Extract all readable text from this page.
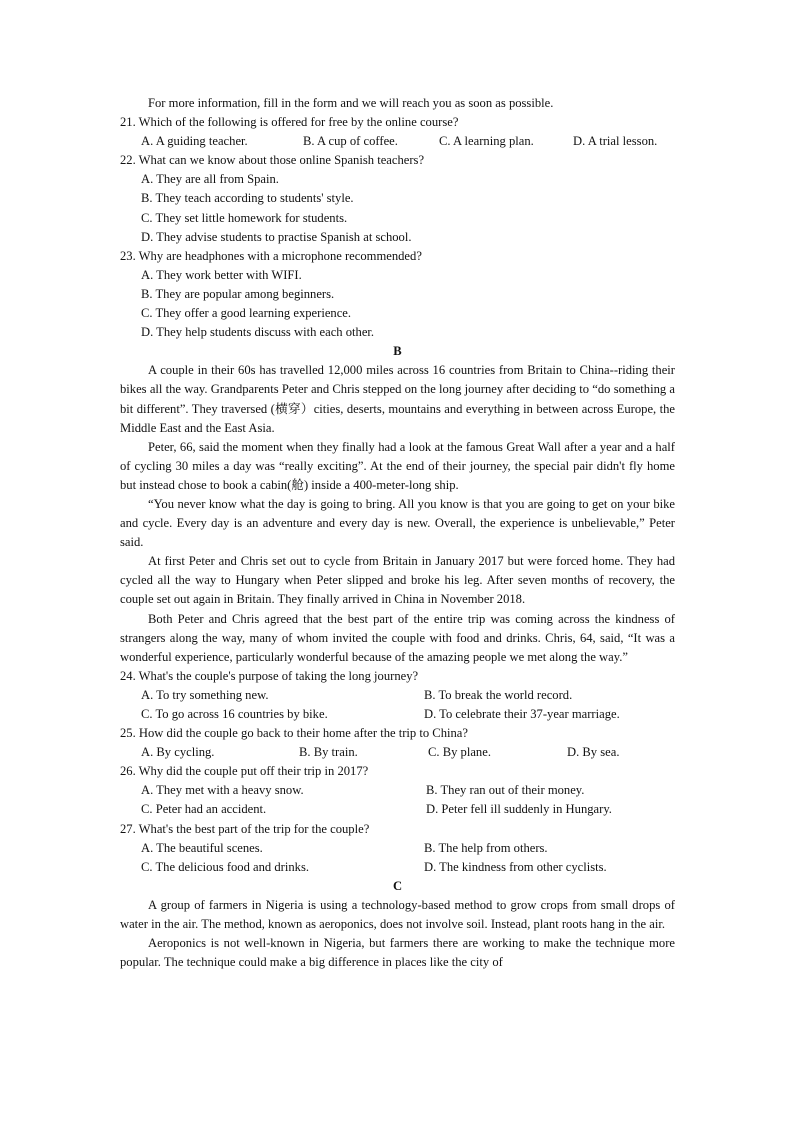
For more information, fill in the form and we will reach you as soon as possible.

21. Which of the following is offered for free by the online course?

A. A guiding teacher.	B. A cup of coffee.	C. A learning plan.	D. A trial lesson.

22. What can we know about those online Spanish teachers?

A. They are all from Spain.

B. They teach according to students' style.

C. They set little homework for students.

D. They advise students to practise Spanish at school.

23. Why are headphones with a microphone recommended?

A. They work better with WIFI.

B. They are popular among beginners.

C. They offer a good learning experience.

D. They help students discuss with each other.

B

A couple in their 60s has travelled 12,000 miles across 16 countries from Britain to China--riding their bikes all the way. Grandparents Peter and Chris stepped on the long journey after deciding to “do something a bit different”. They traversed (横穿）cities, deserts, mountains and everything in between across Europe, the Middle East and the East Asia.

Peter, 66, said the moment when they finally had a look at the famous Great Wall after a year and a half of cycling 30 miles a day was “really exciting”. At the end of their journey, the special pair didn't fly home but instead chose to book a cabin(舱) inside a 400-meter-long ship.

“You never know what the day is going to bring. All you know is that you are going to get on your bike and cycle. Every day is an adventure and every day is new. Overall, the experience is unbelievable,” Peter said.

At first Peter and Chris set out to cycle from Britain in January 2017 but were forced home. They had cycled all the way to Hungary when Peter slipped and broke his leg. After seven months of recovery, the couple set out again in Britain. They finally arrived in China in November 2018.

Both Peter and Chris agreed that the best part of the entire trip was coming across the kindness of strangers along the way, many of whom invited the couple with food and drinks. Chris, 64, said, “It was a wonderful experience, particularly wonderful because of the amazing people we met along the way.”

24. What's the couple's purpose of taking the long journey?

A. To try something new.	B. To break the world record.
C. To go across 16 countries by bike.	D. To celebrate their 37-year marriage.

25. How did the couple go back to their home after the trip to China?

A. By cycling.	B. By train.	C. By plane.	D. By sea.

26. Why did the couple put off their trip in 2017?

A. They met with a heavy snow.	B. They ran out of their money.
C. Peter had an accident.	D. Peter fell ill suddenly in Hungary.

27. What's the best part of the trip for the couple?

A. The beautiful scenes.	B. The help from others.
C. The delicious food and drinks.	D. The kindness from other cyclists.

C

A group of farmers in Nigeria is using a technology-based method to grow crops from small drops of water in the air. The method, known as aeroponics, does not involve soil. Instead, plant roots hang in the air.

Aeroponics is not well-known in Nigeria, but farmers there are working to make the technique more popular. The technique could make a big difference in places like the city of
